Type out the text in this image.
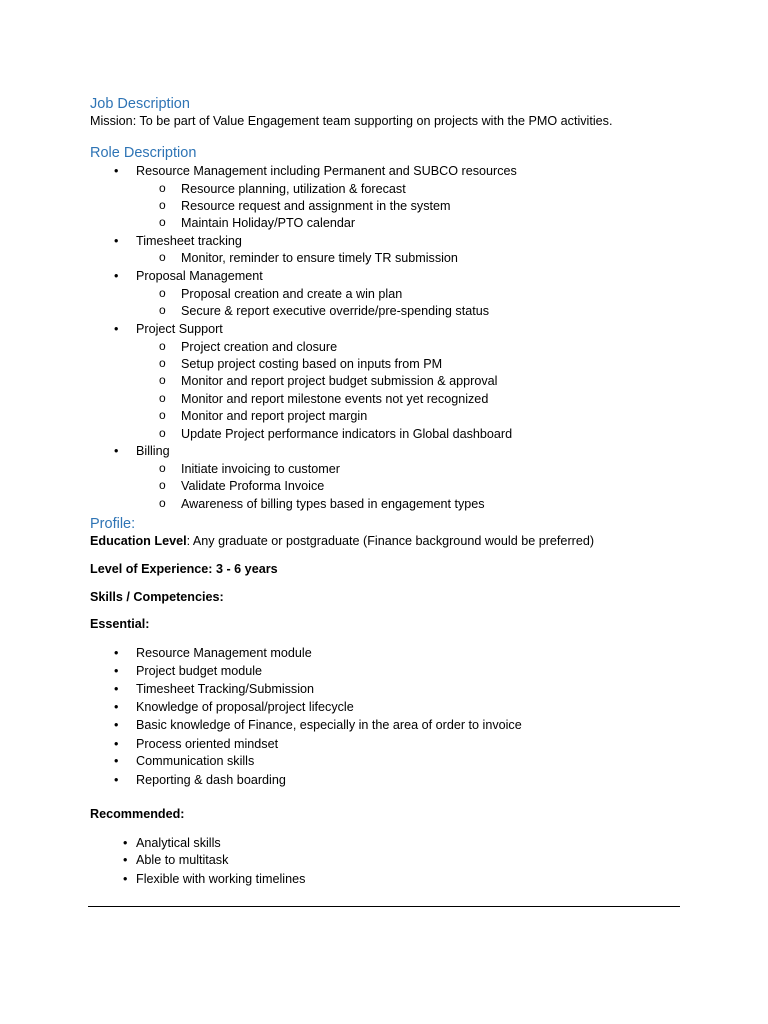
Job Description
Mission: To be part of Value Engagement team supporting on projects with the PMO activities.
Role Description
• Resource Management including Permanent and SUBCO resources
o Resource planning, utilization & forecast
o Resource request and assignment in the system
o Maintain Holiday/PTO calendar
• Timesheet tracking
o Monitor, reminder to ensure timely TR submission
• Proposal Management
o Proposal creation and create a win plan
o Secure & report executive override/pre-spending status
• Project Support
o Project creation and closure
o Setup project costing based on inputs from PM
o Monitor and report project budget submission & approval
o Monitor and report milestone events not yet recognized
o Monitor and report project margin
o Update Project performance indicators in Global dashboard
• Billing
o Initiate invoicing to customer
o Validate Proforma Invoice
o Awareness of billing types based in engagement types
Profile:
Education Level: Any graduate or postgraduate (Finance background would be preferred)
Level of Experience: 3 - 6 years
Skills / Competencies:
Essential:
• Resource Management module
• Project budget module
• Timesheet Tracking/Submission
• Knowledge of proposal/project lifecycle
• Basic knowledge of Finance, especially in the area of order to invoice
• Process oriented mindset
• Communication skills
• Reporting & dash boarding
Recommended:
• Analytical skills
• Able to multitask
• Flexible with working timelines
